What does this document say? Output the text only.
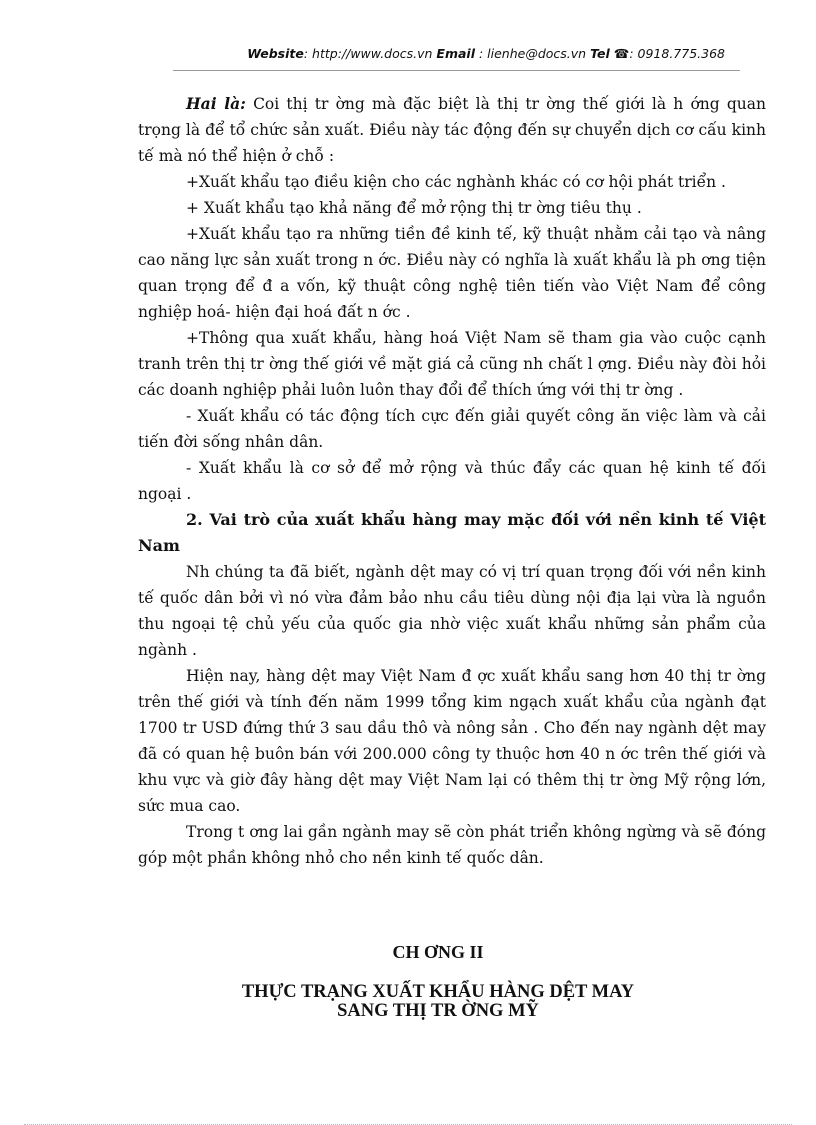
Website: http://www.docs.vn Email : lienhe@docs.vn Tel ☎: 0918.775.368

Hai là: Coi thị tr ờng mà đặc biệt là thị tr ờng thế giới là h ớng quan trọng là để tổ chức sản xuất. Điều này tác động đến sự chuyển dịch cơ cấu kinh tế mà nó thể hiện ở chỗ :

+Xuất khẩu tạo điều kiện cho các nghành khác có cơ hội phát triển .

+ Xuất khẩu tạo khả năng để mở rộng thị tr ờng tiêu thụ .

+Xuất khẩu tạo ra những tiền đề kinh tế, kỹ thuật nhằm cải tạo và nâng cao năng lực sản xuất trong n ớc. Điều này có nghĩa là xuất khẩu là ph ơng tiện quan trọng để đ a vốn, kỹ thuật công nghệ tiên tiến vào Việt Nam để công nghiệp hoá- hiện đại hoá đất n ớc .

+Thông qua xuất khẩu, hàng hoá Việt Nam sẽ tham gia vào cuộc cạnh tranh trên thị tr ờng thế giới về mặt giá cả cũng nh chất l ợng. Điều này đòi hỏi các doanh nghiệp phải luôn luôn thay đổi để thích ứng với thị tr ờng .

- Xuất khẩu có tác động tích cực đến giải quyết công ăn việc làm và cải tiến đời sống nhân dân.

- Xuất khẩu là cơ sở để mở rộng và thúc đẩy các quan hệ kinh tế đối ngoại .

2. Vai trò của xuất khẩu hàng may mặc đối với nền kinh tế Việt Nam

Nh chúng ta đã biết, ngành dệt may có vị trí quan trọng đối với nền kinh tế quốc dân bởi vì nó vừa đảm bảo nhu cầu tiêu dùng nội địa lại vừa là nguồn thu ngoại tệ chủ yếu của quốc gia nhờ việc xuất khẩu những sản phẩm của ngành .

Hiện nay, hàng dệt may Việt Nam đ ợc xuất khẩu sang hơn 40 thị tr ờng trên thế giới và tính đến năm 1999 tổng kim ngạch xuất khẩu của ngành đạt 1700 tr USD đứng thứ 3 sau dầu thô và nông sản . Cho đến nay ngành dệt may đã có quan hệ buôn bán với 200.000 công ty thuộc hơn 40 n ớc trên thế giới và khu vực và giờ đây hàng dệt may Việt Nam lại có thêm thị tr ờng Mỹ rộng lớn, sức mua cao.

Trong t ơng lai gần ngành may sẽ còn phát triển không ngừng và sẽ đóng góp một phần không nhỏ cho nền kinh tế quốc dân.

CH ƠNG II
THỰC TRẠNG XUẤT KHẨU HÀNG DỆT MAY
SANG THỊ TR ỜNG MỸ
